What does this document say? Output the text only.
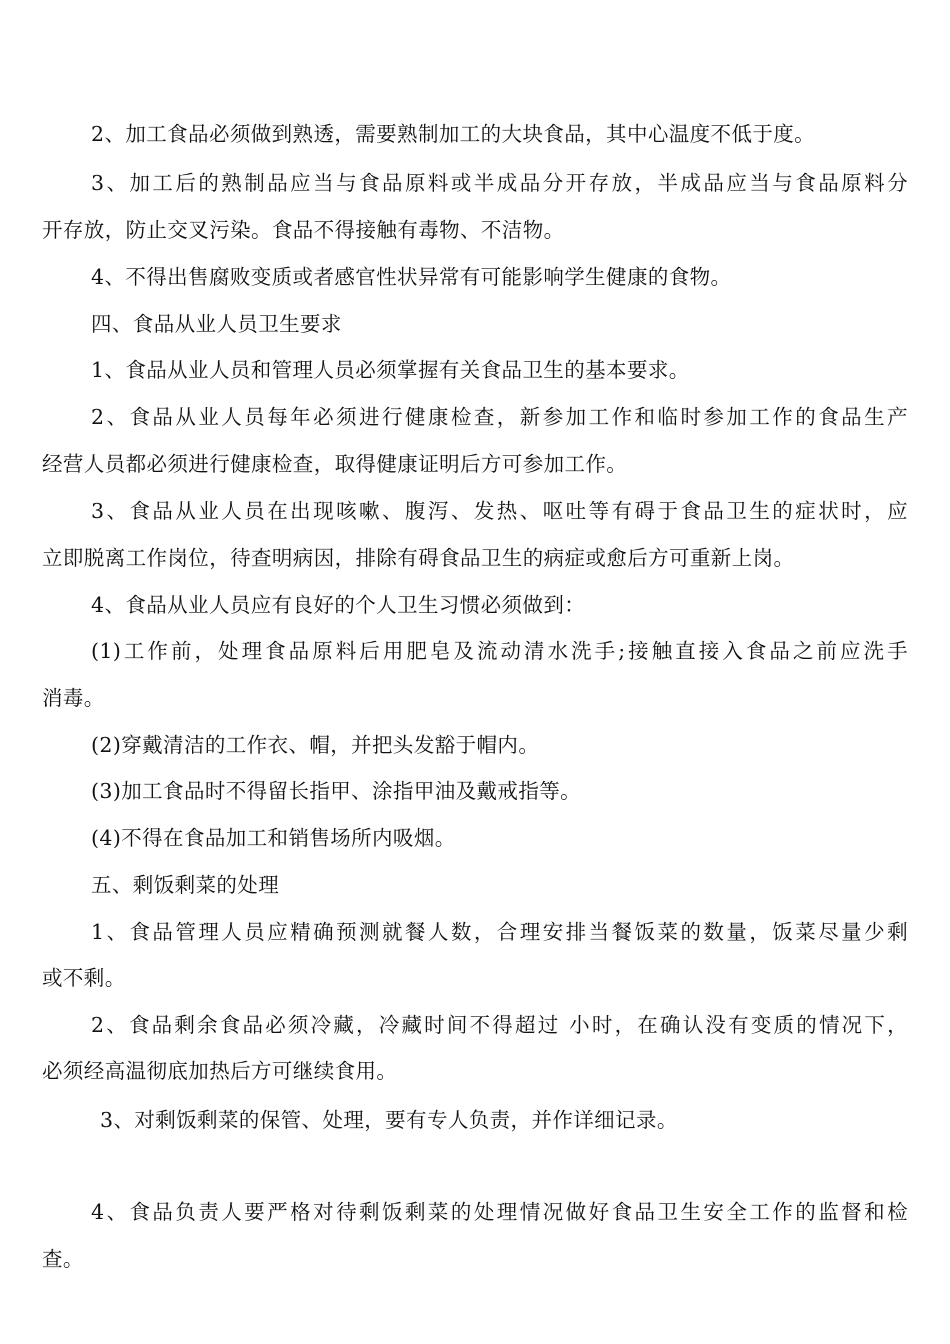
2、加工食品必须做到熟透，需要熟制加工的大块食品，其中心温度不低于度。
3、加工后的熟制品应当与食品原料或半成品分开存放，半成品应当与食品原料分
开存放，防止交叉污染。食品不得接触有毒物、不洁物。
4、不得出售腐败变质或者感官性状异常有可能影响学生健康的食物。
四、食品从业人员卫生要求
1、食品从业人员和管理人员必须掌握有关食品卫生的基本要求。
2、食品从业人员每年必须进行健康检查，新参加工作和临时参加工作的食品生产
经营人员都必须进行健康检查，取得健康证明后方可参加工作。
3、食品从业人员在出现咳嗽、腹泻、发热、呕吐等有碍于食品卫生的症状时，应
立即脱离工作岗位，待查明病因，排除有碍食品卫生的病症或愈后方可重新上岗。
4、食品从业人员应有良好的个人卫生习惯必须做到：
(1)工作前，处理食品原料后用肥皂及流动清水洗手;接触直接入食品之前应洗手
消毒。
(2)穿戴清洁的工作衣、帽，并把头发豁于帽内。
(3)加工食品时不得留长指甲、涂指甲油及戴戒指等。
(4)不得在食品加工和销售场所内吸烟。
五、剩饭剩菜的处理
1、食品管理人员应精确预测就餐人数，合理安排当餐饭菜的数量，饭菜尽量少剩
或不剩。
2、食品剩余食品必须冷藏，冷藏时间不得超过 小时，在确认没有变质的情况下，
必须经高温彻底加热后方可继续食用。
3、对剩饭剩菜的保管、处理，要有专人负责，并作详细记录。
4、食品负责人要严格对待剩饭剩菜的处理情况做好食品卫生安全工作的监督和检
查。
